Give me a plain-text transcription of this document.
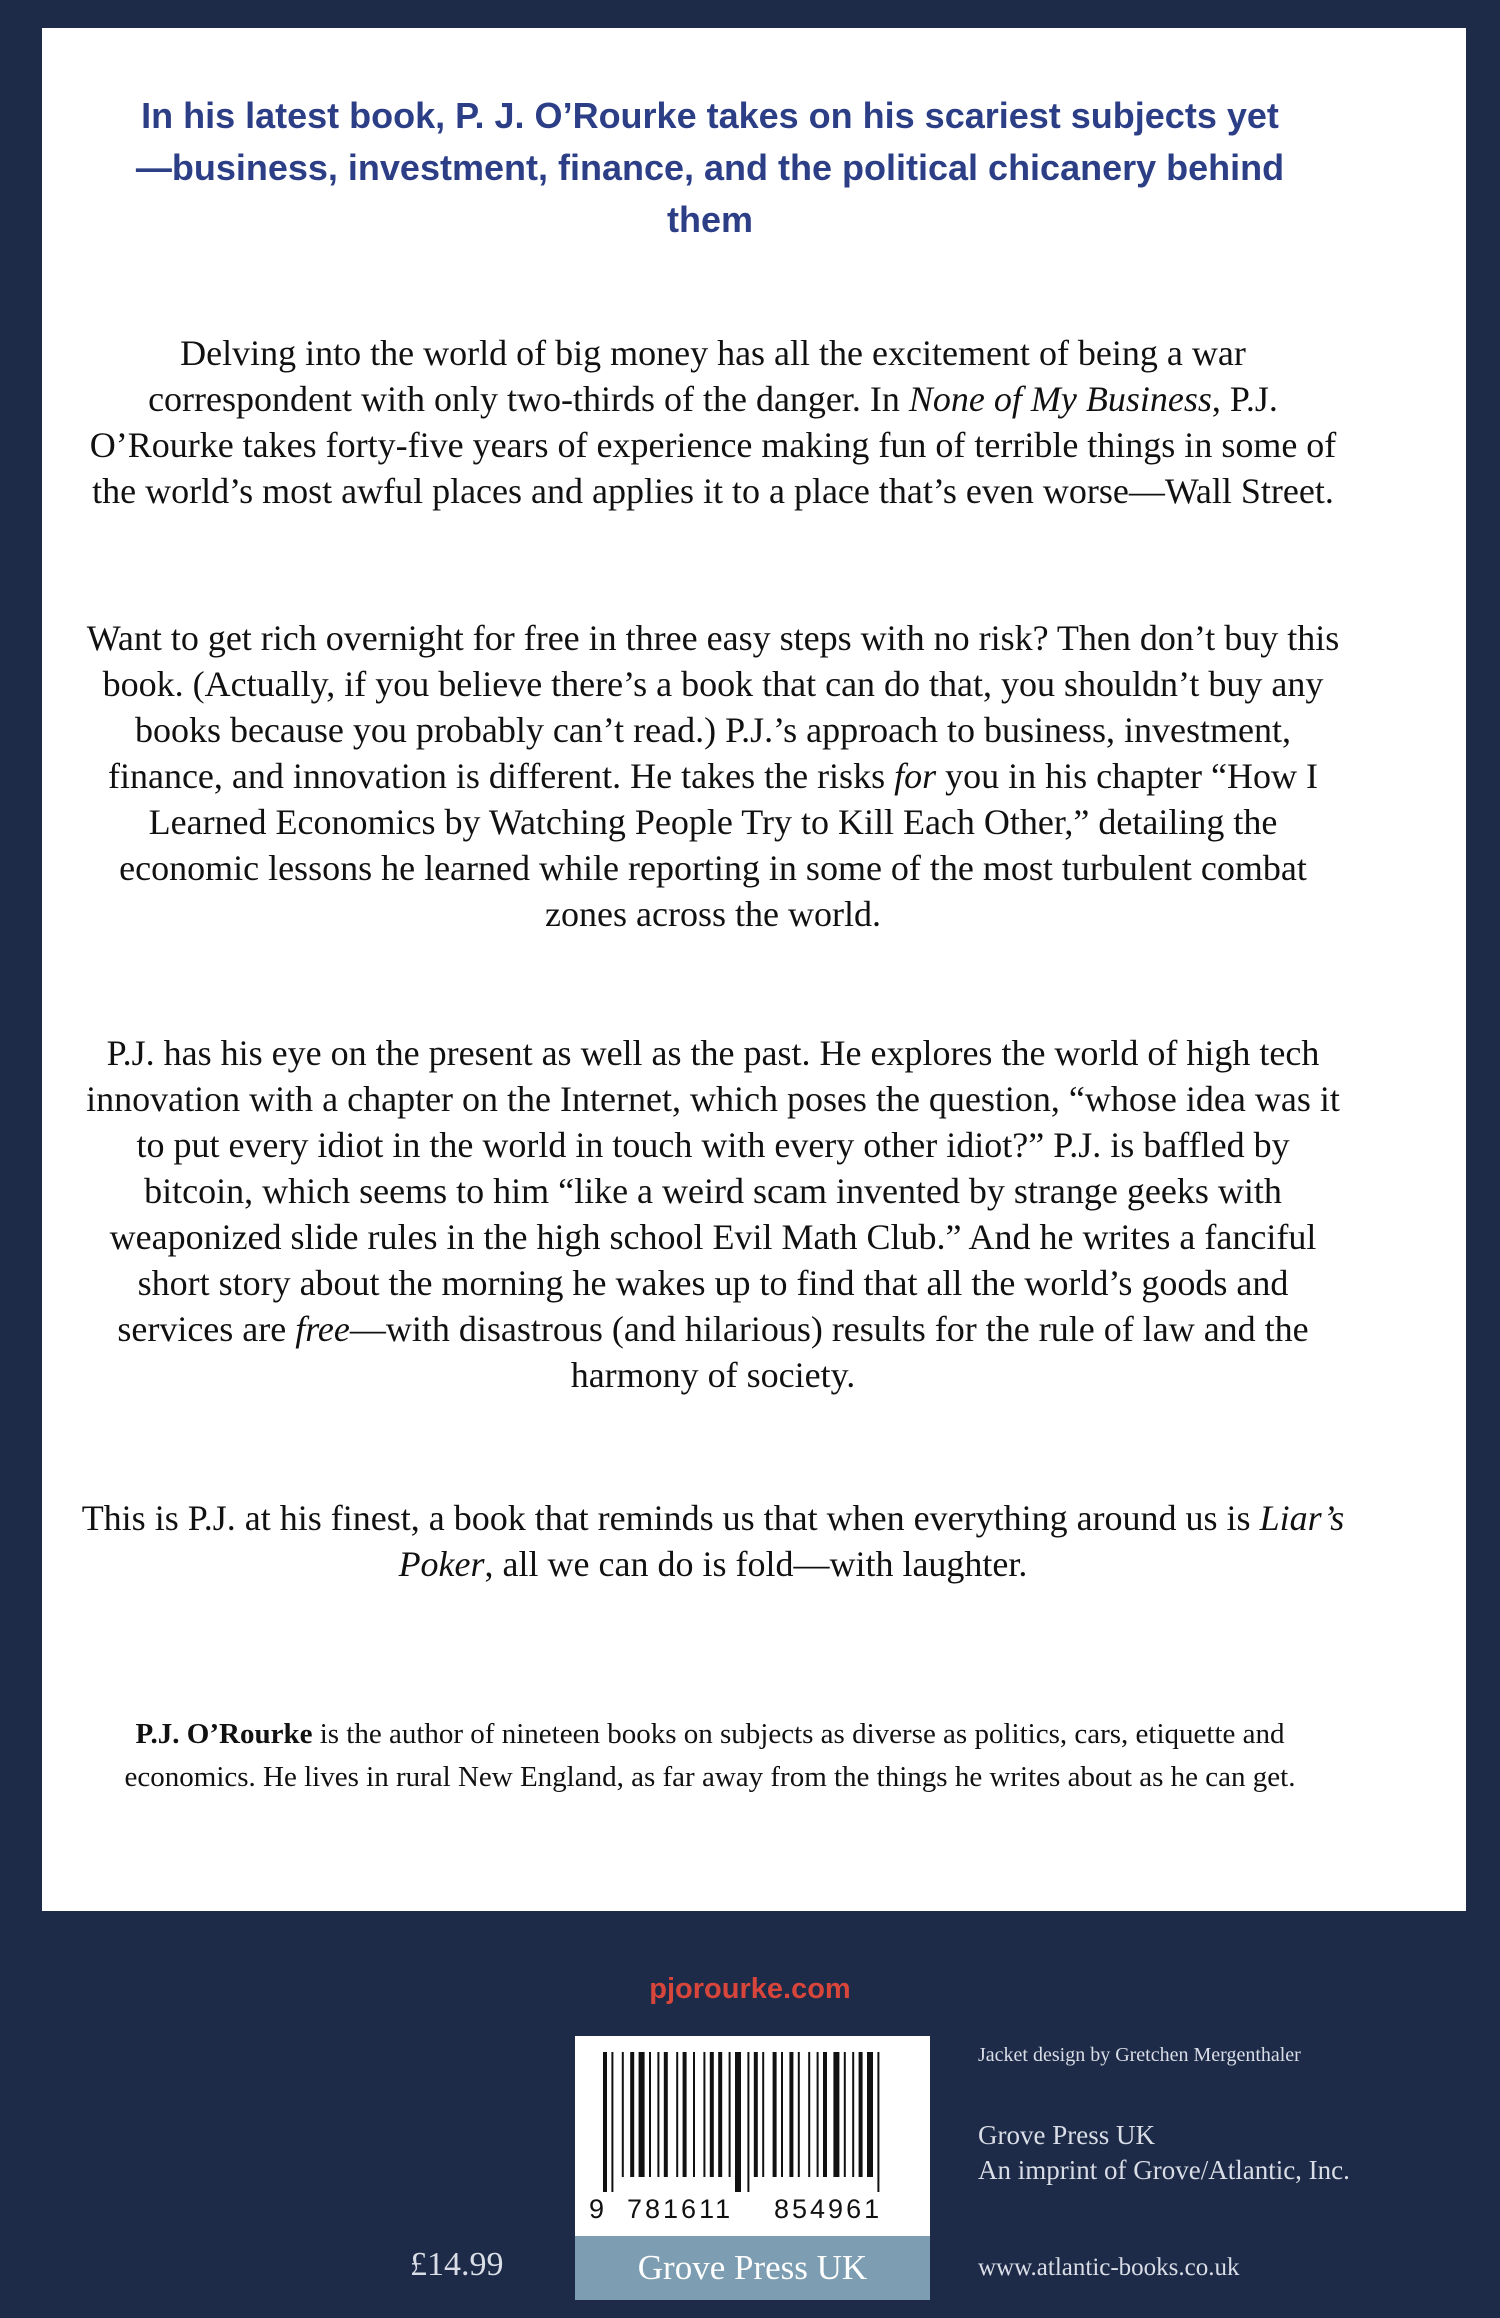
In his latest book, P. J. O’Rourke takes on his scariest subjects yet—business, investment, finance, and the political chicanery behind them

Delving into the world of big money has all the excitement of being a war correspondent with only two-thirds of the danger. In None of My Business, P.J. O’Rourke takes forty-five years of experience making fun of terrible things in some of the world’s most awful places and applies it to a place that’s even worse—Wall Street.

Want to get rich overnight for free in three easy steps with no risk? Then don’t buy this book. (Actually, if you believe there’s a book that can do that, you shouldn’t buy any books because you probably can’t read.) P.J.’s approach to business, investment, finance, and innovation is different. He takes the risks for you in his chapter “How I Learned Economics by Watching People Try to Kill Each Other,” detailing the economic lessons he learned while reporting in some of the most turbulent combat zones across the world.

P.J. has his eye on the present as well as the past. He explores the world of high tech innovation with a chapter on the Internet, which poses the question, “whose idea was it to put every idiot in the world in touch with every other idiot?” P.J. is baffled by bitcoin, which seems to him “like a weird scam invented by strange geeks with weaponized slide rules in the high school Evil Math Club.” And he writes a fanciful short story about the morning he wakes up to find that all the world’s goods and services are free—with disastrous (and hilarious) results for the rule of law and the harmony of society.

This is P.J. at his finest, a book that reminds us that when everything around us is Liar’s Poker, all we can do is fold—with laughter.

P.J. O’Rourke is the author of nineteen books on subjects as diverse as politics, cars, etiquette and economics. He lives in rural New England, as far away from the things he writes about as he can get.

pjorourke.com
9 781611 854961
Grove Press UK
£14.99
Jacket design by Gretchen Mergenthaler
Grove Press UK
An imprint of Grove/Atlantic, Inc.
www.atlantic-books.co.uk
